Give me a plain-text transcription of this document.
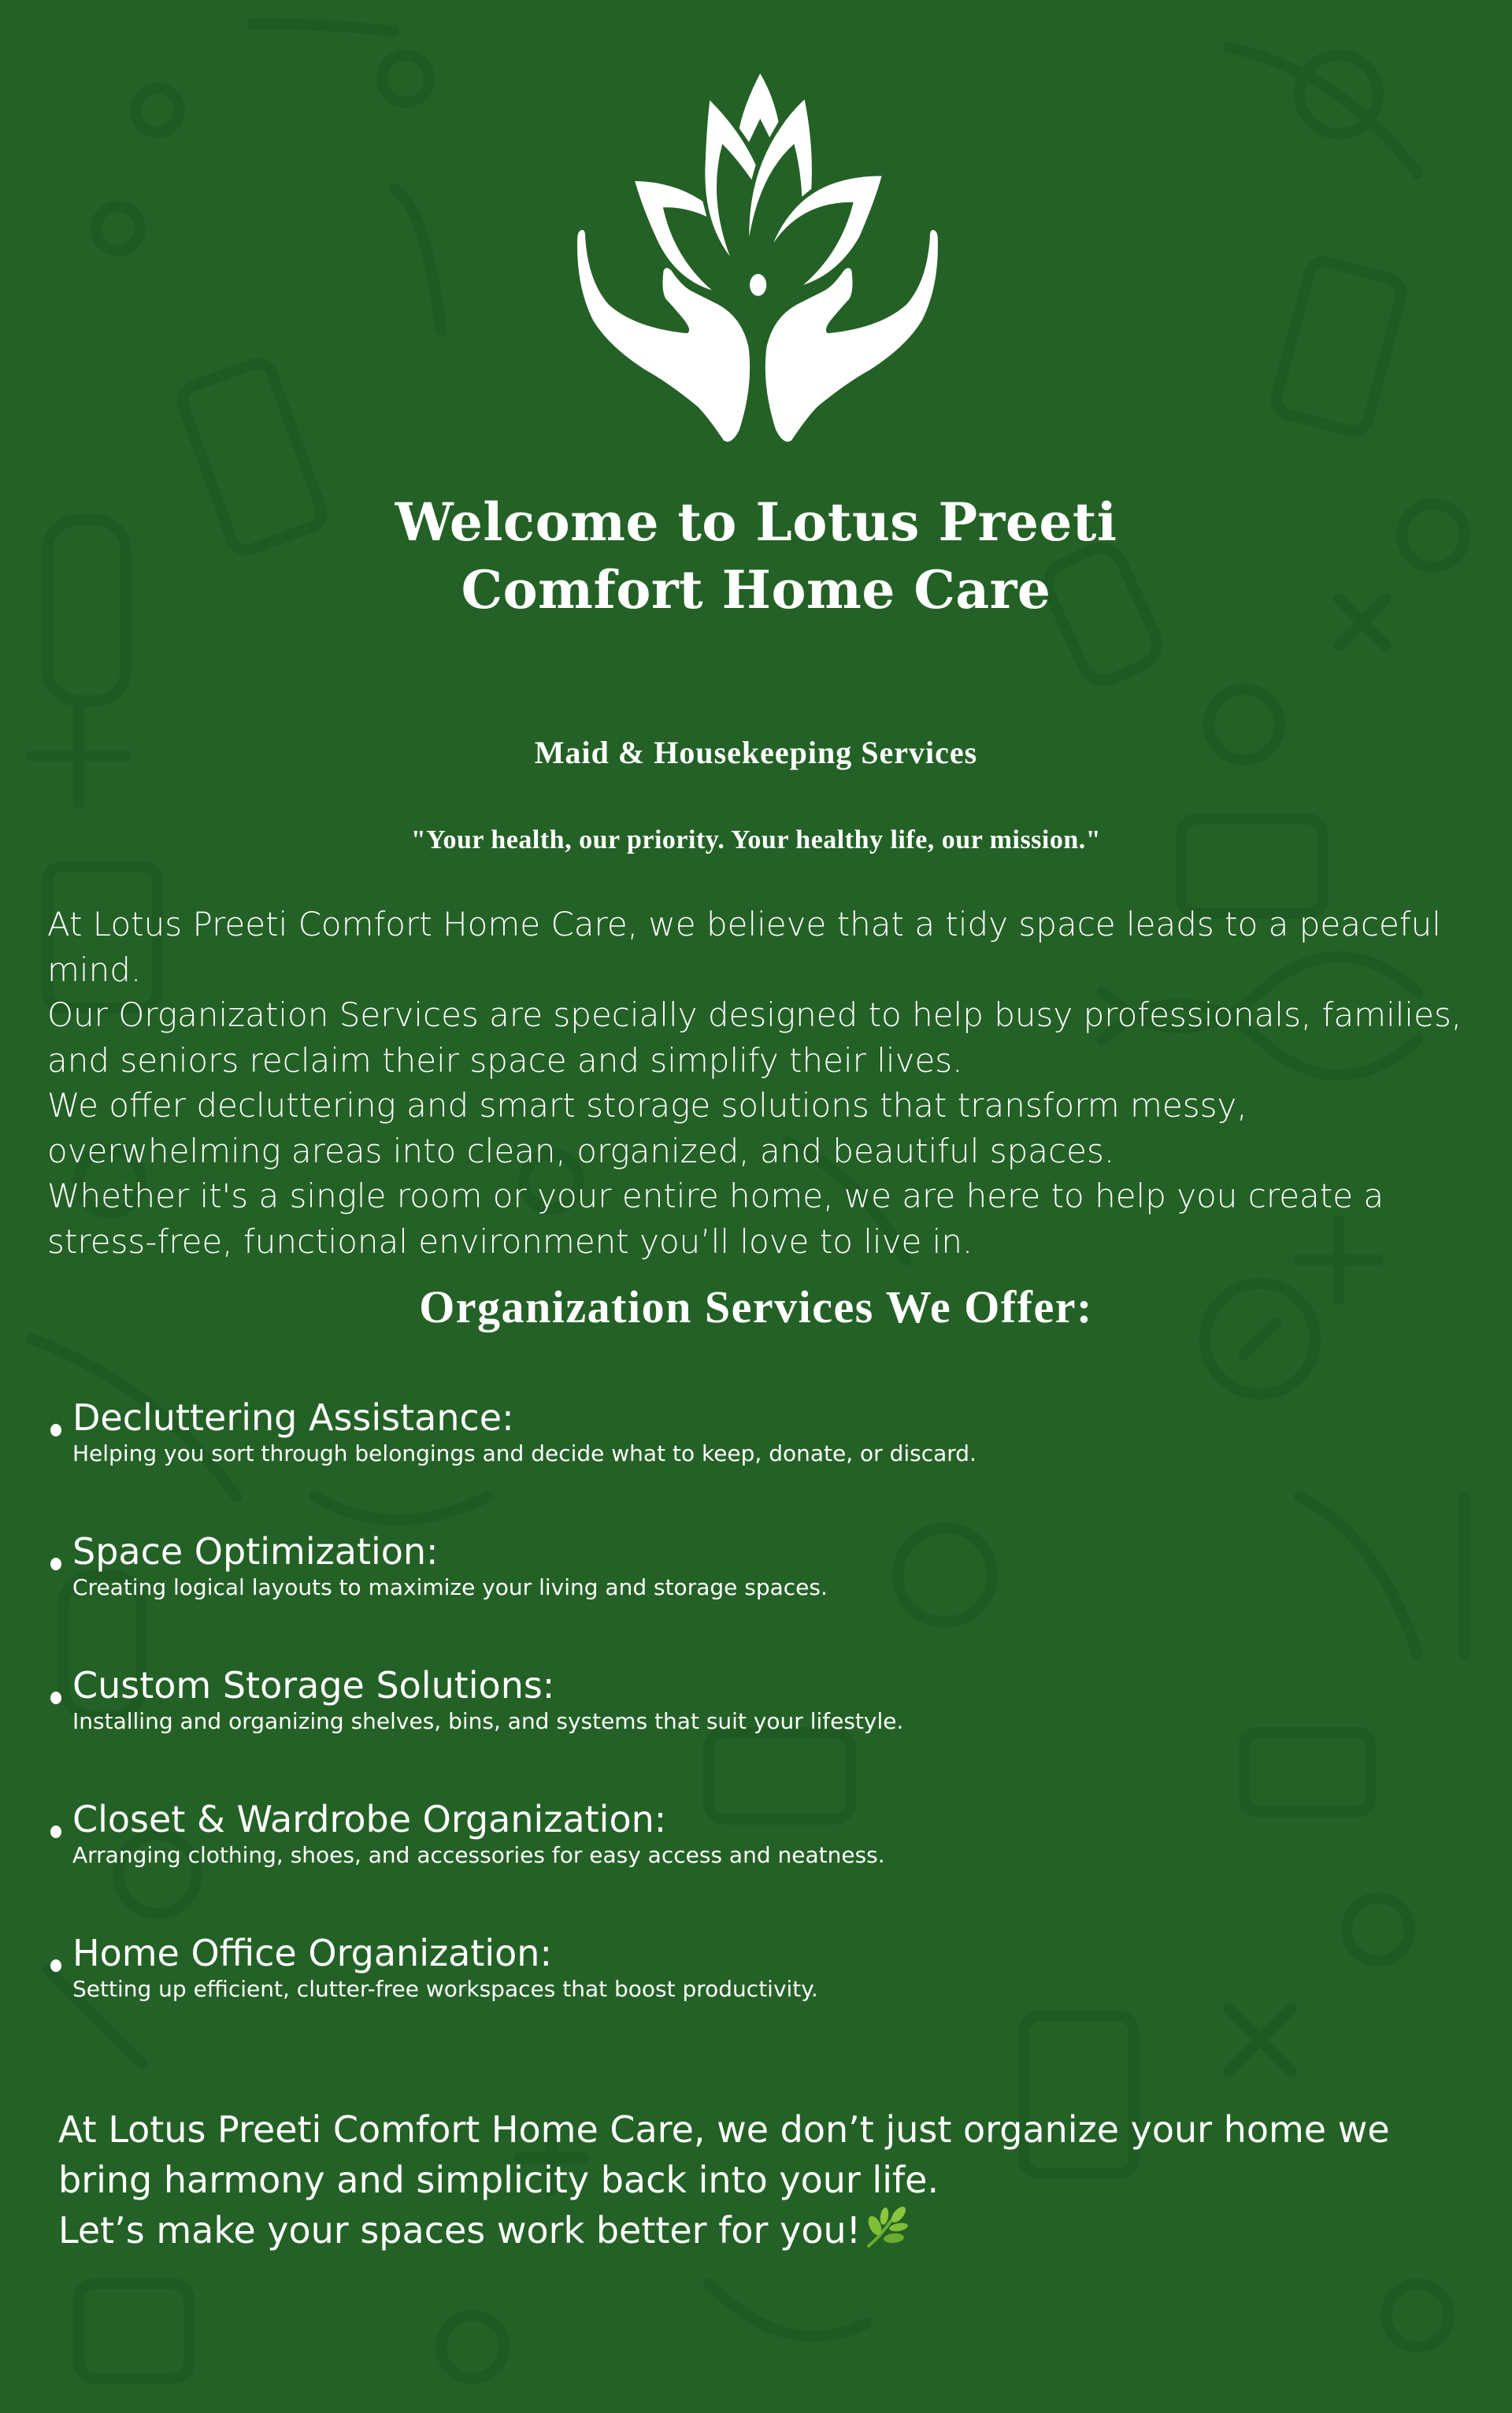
Welcome to Lotus Preeti
Comfort Home Care
Maid & Housekeeping Services
"Your health, our priority. Your healthy life, our mission."

At Lotus Preeti Comfort Home Care, we believe that a tidy space leads to a peaceful mind.

Our Organization Services are specially designed to help busy professionals, families, and seniors reclaim their space and simplify their lives.

We offer decluttering and smart storage solutions that transform messy, overwhelming areas into clean, organized, and beautiful spaces.

Whether it's a single room or your entire home, we are here to help you create a stress-free, functional environment you’ll love to live in.

Organization Services We Offer:
Decluttering Assistance:
Helping you sort through belongings and decide what to keep, donate, or discard.
Space Optimization:
Creating logical layouts to maximize your living and storage spaces.
Custom Storage Solutions:
Installing and organizing shelves, bins, and systems that suit your lifestyle.
Closet & Wardrobe Organization:
Arranging clothing, shoes, and accessories for easy access and neatness.
Home Office Organization:
Setting up efficient, clutter-free workspaces that boost productivity.

At Lotus Preeti Comfort Home Care, we don’t just organize your home we bring harmony and simplicity back into your life.

Let’s make your spaces work better for you!
